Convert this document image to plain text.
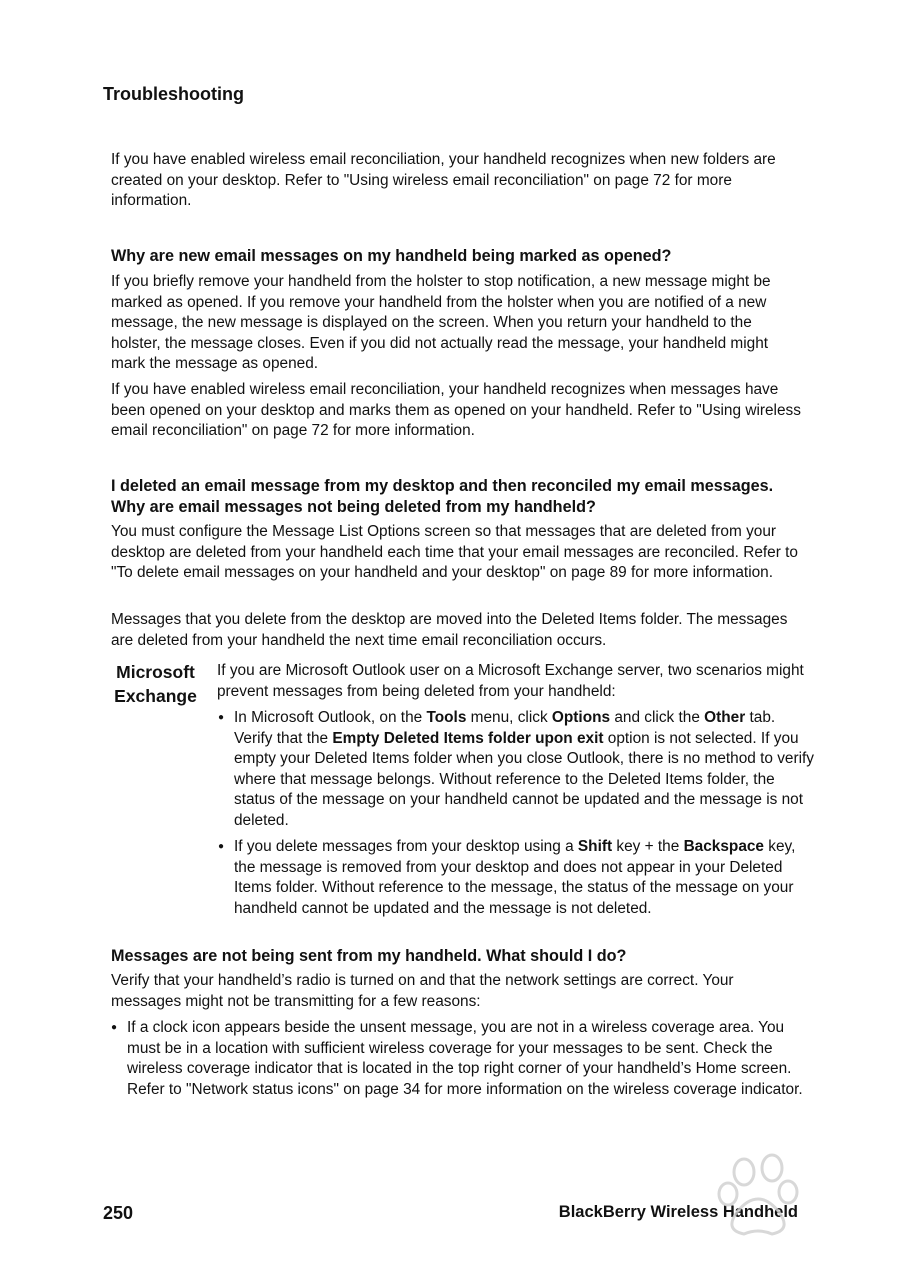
Troubleshooting
If you have enabled wireless email reconciliation, your handheld recognizes when new folders are created on your desktop. Refer to "Using wireless email reconciliation" on page 72 for more information.
Why are new email messages on my handheld being marked as opened?
If you briefly remove your handheld from the holster to stop notification, a new message might be marked as opened. If you remove your handheld from the holster when you are notified of a new message, the new message is displayed on the screen. When you return your handheld to the holster, the message closes. Even if you did not actually read the message, your handheld might mark the message as opened.
If you have enabled wireless email reconciliation, your handheld recognizes when messages have been opened on your desktop and marks them as opened on your handheld. Refer to "Using wireless email reconciliation" on page 72 for more information.
I deleted an email message from my desktop and then reconciled my email messages. Why are email messages not being deleted from my handheld?
You must configure the Message List Options screen so that messages that are deleted from your desktop are deleted from your handheld each time that your email messages are reconciled. Refer to "To delete email messages on your handheld and your desktop" on page 89 for more information.
Messages that you delete from the desktop are moved into the Deleted Items folder. The messages are deleted from your handheld the next time email reconciliation occurs.
Microsoft
Exchange
If you are Microsoft Outlook user on a Microsoft Exchange server, two scenarios might prevent messages from being deleted from your handheld:
● In Microsoft Outlook, on the Tools menu, click Options and click the Other tab. Verify that the Empty Deleted Items folder upon exit option is not selected. If you empty your Deleted Items folder when you close Outlook, there is no method to verify where that message belongs. Without reference to the Deleted Items folder, the status of the message on your handheld cannot be updated and the message is not deleted.
● If you delete messages from your desktop using a Shift key + the Backspace key, the message is removed from your desktop and does not appear in your Deleted Items folder. Without reference to the message, the status of the message on your handheld cannot be updated and the message is not deleted.
Messages are not being sent from my handheld. What should I do?
Verify that your handheld’s radio is turned on and that the network settings are correct. Your messages might not be transmitting for a few reasons:
● If a clock icon appears beside the unsent message, you are not in a wireless coverage area. You must be in a location with sufficient wireless coverage for your messages to be sent. Check the wireless coverage indicator that is located in the top right corner of your handheld’s Home screen. Refer to "Network status icons" on page 34 for more information on the wireless coverage indicator.
250	BlackBerry Wireless Handheld
